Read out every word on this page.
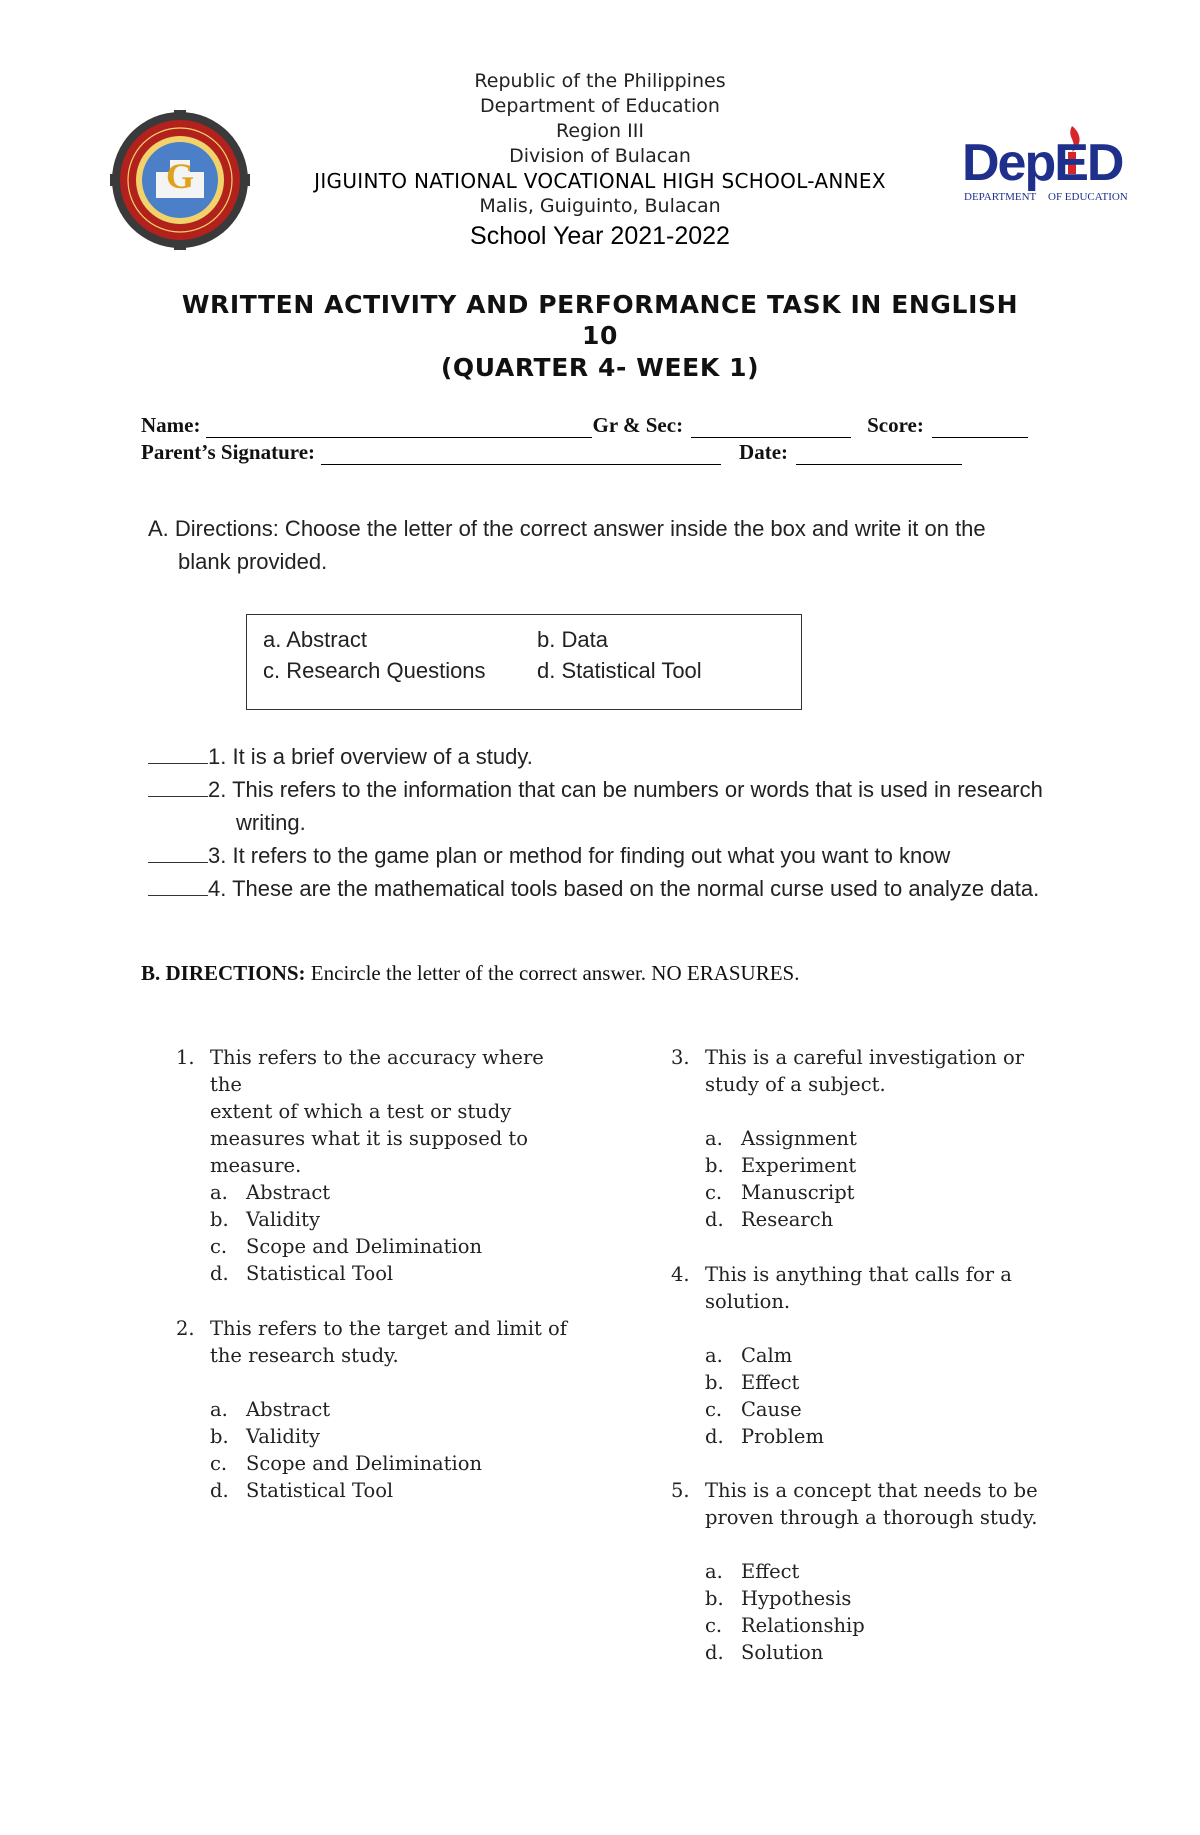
G	DepED
DEPARTMENT OF EDUCATION
Republic of the Philippines
Department of Education
Region III
Division of Bulacan
JIGUINTO NATIONAL VOCATIONAL HIGH SCHOOL-ANNEX
Malis, Guiguinto, Bulacan
School Year 2021-2022
WRITTEN ACTIVITY AND PERFORMANCE TASK IN ENGLISH
10
(QUARTER 4- WEEK 1)
Name:	Gr & Sec:	Score:
Parent’s Signature:	Date:
A. Directions: Choose the letter of the correct answer inside the box and write it on the
blank provided.
a. Abstract	b. Data
c. Research Questions d. Statistical Tool
1. It is a brief overview of a study.
2. This refers to the information that can be numbers or words that is used in research
writing.
3. It refers to the game plan or method for finding out what you want to know
4. These are the mathematical tools based on the normal curse used to analyze data.
B. DIRECTIONS: Encircle the letter of the correct answer. NO ERASURES.
1. This refers to the accuracy where the
extent of which a test or study
measures what it is supposed to
measure.
a. Abstract
b. Validity
c. Scope and Delimination
d. Statistical Tool
2. This refers to the target and limit of
the research study.
a. Abstract
b. Validity
c. Scope and Delimination
d. Statistical Tool
3. This is a careful investigation or
study of a subject.
a. Assignment
b. Experiment
c. Manuscript
d. Research
4. This is anything that calls for a
solution.
a. Calm
b. Effect
c. Cause
d. Problem
5. This is a concept that needs to be
proven through a thorough study.
a. Effect
b. Hypothesis
c. Relationship
d. Solution
